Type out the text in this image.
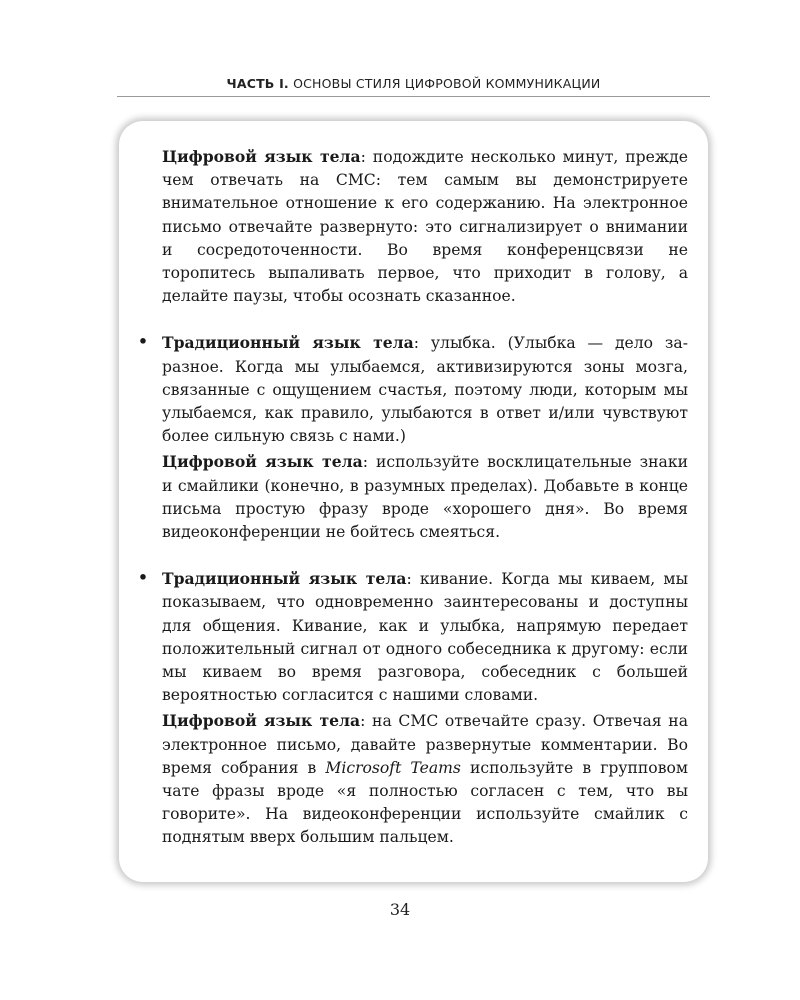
ЧАСТЬ I. ОСНОВЫ СТИЛЯ ЦИФРОВОЙ КОММУНИКАЦИИ

Цифровой язык тела: подождите несколько минут, прежде чем отвечать на СМС: тем самым вы демонстрируете внимательное отношение к его содержанию. На электронное письмо отвечайте развернуто: это сигнализирует о внимании и сосредоточенности. Во время конференцсвязи не торопитесь выпаливать первое, что приходит в голову, а делайте паузы, чтобы осознать сказанное.

• Традиционный язык тела: улыбка. (Улыбка — дело заразное. Когда мы улыбаемся, активизируются зоны мозга, связанные с ощущением счастья, поэтому люди, которым мы улыбаемся, как правило, улыбаются в ответ и/или чувствуют более сильную связь с нами.)

Цифровой язык тела: используйте восклицательные знаки и смайлики (конечно, в разумных пределах). Добавьте в конце письма простую фразу вроде «хорошего дня». Во время видеоконференции не бойтесь смеяться.

• Традиционный язык тела: кивание. Когда мы киваем, мы показываем, что одновременно заинтересованы и доступны для общения. Кивание, как и улыбка, напрямую передает положительный сигнал от одного собеседника к другому: если мы киваем во время разговора, собеседник с большей вероятностью согласится с нашими словами.

Цифровой язык тела: на СМС отвечайте сразу. Отвечая на электронное письмо, давайте развернутые комментарии. Во время собрания в Microsoft Teams используйте в групповом чате фразы вроде «я полностью согласен с тем, что вы говорите». На видеоконференции используйте смайлик с поднятым вверх большим пальцем.

34
